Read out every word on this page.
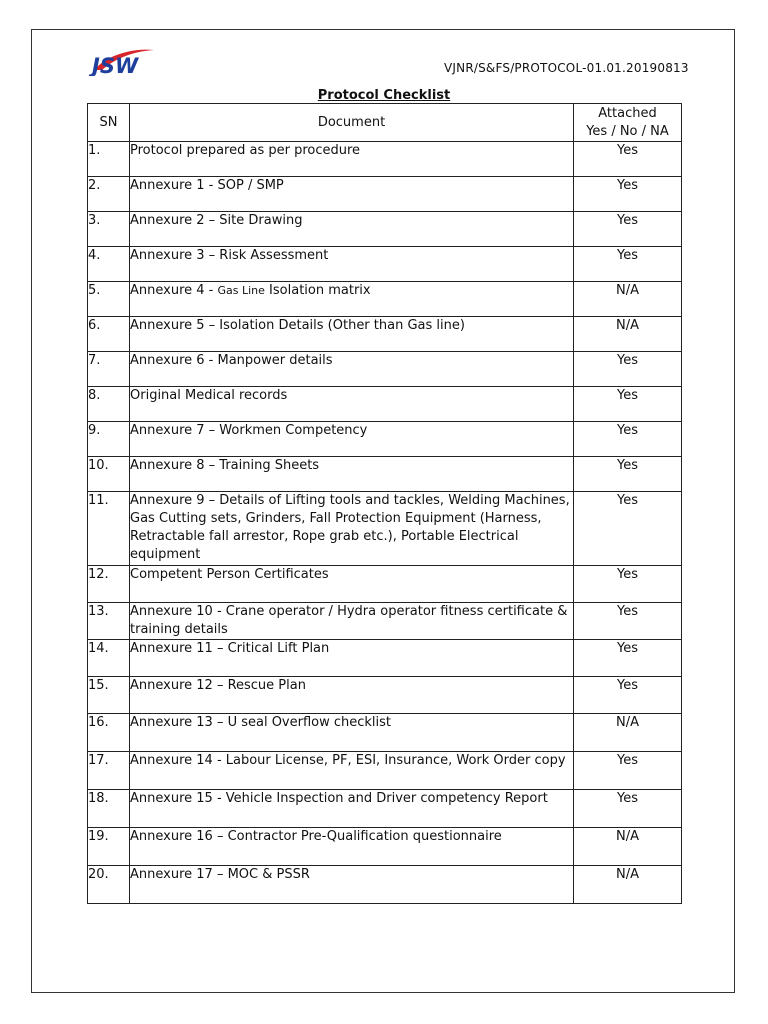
JSW	VJNR/S&FS/PROTOCOL-01.01.20190813
Protocol Checklist
SN	Document	Attached
Yes / No / NA

1.	Protocol prepared as per procedure	Yes
2.	Annexure 1 - SOP / SMP	Yes
3.	Annexure 2 – Site Drawing	Yes
4.	Annexure 3 – Risk Assessment	Yes
5.	Annexure 4 - Gas Line Isolation matrix	N/A
6.	Annexure 5 – Isolation Details (Other than Gas line)	N/A
7.	Annexure 6 - Manpower details	Yes
8.	Original Medical records	Yes
9.	Annexure 7 – Workmen Competency	Yes
10.	Annexure 8 – Training Sheets	Yes
11.	Annexure 9 – Details of Lifting tools and tackles, Welding Machines, Gas Cutting sets, Grinders, Fall Protection Equipment (Harness, Retractable fall arrestor, Rope grab etc.), Portable Electrical equipment	Yes
12.	Competent Person Certificates	Yes
13.	Annexure 10 - Crane operator / Hydra operator fitness certificate & training details	Yes
14.	Annexure 11 – Critical Lift Plan	Yes
15.	Annexure 12 – Rescue Plan	Yes
16.	Annexure 13 – U seal Overflow checklist	N/A
17.	Annexure 14 - Labour License, PF, ESI, Insurance, Work Order copy	Yes
18.	Annexure 15 - Vehicle Inspection and Driver competency Report	Yes
19.	Annexure 16 – Contractor Pre-Qualification questionnaire	N/A
20.	Annexure 17 – MOC & PSSR	N/A
